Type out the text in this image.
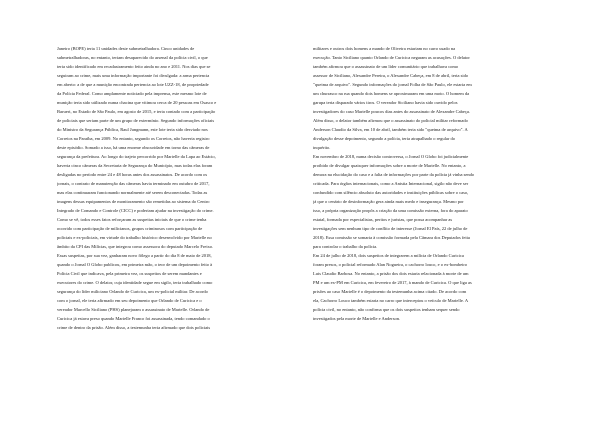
Janeiro (BOPE) teria 11 unidades deste submetralhadora. Cinco unidades de
submetralhadoras, no entanto, teriam desaparecido do arsenal da polícia civil, o que
teria sido identificado em recadastramento feito ainda no ano e 2011. Nos dias que se
seguiram ao crime, mais uma informação importante foi divulgada: a arma pertencia
em aberto: a de que a munição encontrada pertencia ao lote UZZ-18, de propriedade
da Polícia Federal. Como amplamente noticiado pela imprensa, este mesmo lote de
munição teria sido utilizado numa chacina que vitimou cerca de 20 pessoas em Osasco e
Barueri, no Estado de São Paulo, em agosto de 2015, e teria contado com a participação
de policiais que seriam parte de um grupo de extermínio. Segundo informações oficiais
do Ministro da Segurança Pública, Raul Jungmann, este lote teria sido desviado nos
Correios na Paraíba, em 2009. No entanto, segundo os Correios, não haveria registro
deste episódio. Somado a isso, há uma enorme obscuridade em torno das câmeras de
segurança da prefeitura. Ao longo do trajeto percorrido por Marielle da Lapa ao Estácio,
haveria cinco câmeras da Secretaria de Segurança do Município, mas todas elas foram
desligadas no período entre 24 e 48 horas antes dos assassinatos. De acordo com os
jornais, o contrato de manutenção das câmeras havia terminado em outubro de 2017,
mas elas continuaram funcionando normalmente até serem desconectadas. Todas as
imagens dessas equipamentos de monitoramento são remetidas ao sistema do Centro
Integrado de Comando e Controle (CICC) e poderiam ajudar na investigação do crime.
Como se vê, todos esses fatos reforçaram as suspeitas iniciais de que o crime tenha
ocorrido com participação de milicianos, grupos criminosos com participação de
policiais e ex-policiais, em virtude do trabalho histórico desenvolvido por Marielle no
âmbito da CPI das Milícias, que integrou como assessora do deputado Marcelo Freixo.
Essas suspeitas, por sua vez, ganharam novo fôlego a partir do dia 8 de maio de 2018,
quando o Jornal O Globo publicou, em primeira mão, o teor de um depoimento feito à
Polícia Civil que indicava, pela primeira vez, os suspeitos de serem mandantes e
executores do crime. O delator, cuja identidade segue em sigilo, teria trabalhado como
segurança do líder miliciano Orlando de Curicica, um ex-policial militar. De acordo
com o jornal, ele teria afirmado em seu depoimento que Orlando de Curicica e o
vereador Marcello Siciliano (PHS) planejaram o assassinato de Marielle. Orlando de
Curicica já estava preso quando Marielle Franco foi assassinada, tendo comandado o
crime de dentro da prisão. Além disso, a testemunha teria afirmado que dois policiais
militares e outros dois homens a mando de Oliveira estariam no carro usado na
execução. Tanto Siciliano quanto Orlando de Curicica negaram as acusações. O delator
também afirmou que o assassinato de um líder comunitário que trabalhava como
assessor de Siciliano, Alexandre Pereira, o Alexandre Cabeça, em 8 de abril, teria sido
"queima de arquivo". Segundo informações do jornal Folha de São Paulo, ele estaria em
um churrasco na rua quando dois homens se aproximaram em uma moto. O homem da
garupa teria disparado vários tiros. O vereador Siciliano havia sido ouvido pelos
investigadores do caso Marielle poucos dias antes do assassinato de Alexandre Cabeça.
Além disso, o delator também afirmou que o assassinato do policial militar reformado
Anderson Claudio da Silva, em 10 de abril, também teria sido "queima de arquivo". A
divulgação desse depoimento, segundo a polícia, teria atrapalhado o regular do
inquérito.
Em novembro de 2018, numa decisão controversa, o Jornal O Globo foi judicialmente
proibido de divulgar quaisquer informações sobre a morte de Marielle. No entanto, a
demora na elucidação do caso e a falta de informações por parte da polícia já vinha sendo
criticada. Para órgãos internacionais, como a Anistia Internacional, sigilo não deve ser
confundido com silêncio absoluto das autoridades e instituições públicas sobre o caso,
já que o cenário de desinformação gera ainda mais medo e insegurança. Mesmo por
isso, a própria organização propôs a criação da uma comissão externa, fora do aparato
estatal, formada por especialistas, peritos e juristas, que possa acompanhar as
investigações sem nenhum tipo de conflito de interesse (Jornal El País, 22 de julho de
2018). Essa comissão se somaria à comissão formada pela Câmara dos Deputados feita
para controlar o trabalho da polícia.
Em 24 de julho de 2018, dois suspeitos de integrarem a milícia de Orlando Curicica
foram presos, o policial reformado Alan Nogueira, o cachorro louco, e o ex-bombeiro
Luis Claudio Barbosa. No entanto, a prisão dos dois estaria relacionada à morte de um
PM e um ex-PM em Curicica, em fevereiro de 2017, à mando de Curicica. O que liga as
prisões ao caso Marielle é o depoimento da testemunha acima citado. De acordo com
ela, Cachorro Louco também estaria no carro que interceptou o veículo de Marielle. A
polícia civil, no entanto, não confirma que os dois suspeitos tenham sequer sendo
investigados pela morte de Marielle e Anderson.
